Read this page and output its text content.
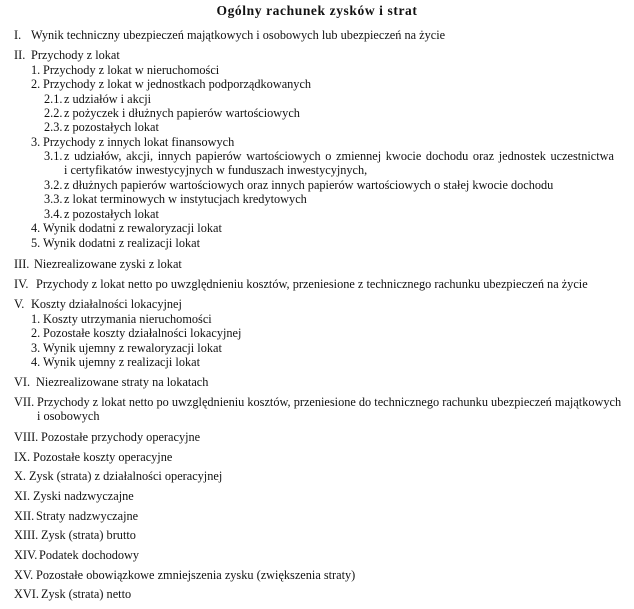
Ogólny rachunek zysków i strat
I. Wynik techniczny ubezpieczeń majątkowych i osobowych lub ubezpieczeń na życie
II. Przychody z lokat
1. Przychody z lokat w nieruchomości
2. Przychody z lokat w jednostkach podporządkowanych
2.1. z udziałów i akcji
2.2. z pożyczek i dłużnych papierów wartościowych
2.3. z pozostałych lokat
3. Przychody z innych lokat finansowych
3.1. z udziałów, akcji, innych papierów wartościowych o zmiennej kwocie dochodu oraz jednostek uczestnictwa
i certyfikatów inwestycyjnych w funduszach inwestycyjnych,
3.2. z dłużnych papierów wartościowych oraz innych papierów wartościowych o stałej kwocie dochodu
3.3. z lokat terminowych w instytucjach kredytowych
3.4. z pozostałych lokat
4. Wynik dodatni z rewaloryzacji lokat
5. Wynik dodatni z realizacji lokat
III. Niezrealizowane zyski z lokat
IV. Przychody z lokat netto po uwzględnieniu kosztów, przeniesione z technicznego rachunku ubezpieczeń na życie
V. Koszty działalności lokacyjnej
1. Koszty utrzymania nieruchomości
2. Pozostałe koszty działalności lokacyjnej
3. Wynik ujemny z rewaloryzacji lokat
4. Wynik ujemny z realizacji lokat
VI. Niezrealizowane straty na lokatach
VII. Przychody z lokat netto po uwzględnieniu kosztów, przeniesione do technicznego rachunku ubezpieczeń majątkowych
i osobowych
VIII. Pozostałe przychody operacyjne
IX. Pozostałe koszty operacyjne
X. Zysk (strata) z działalności operacyjnej
XI. Zyski nadzwyczajne
XII. Straty nadzwyczajne
XIII. Zysk (strata) brutto
XIV. Podatek dochodowy
XV. Pozostałe obowiązkowe zmniejszenia zysku (zwiększenia straty)
XVI. Zysk (strata) netto
